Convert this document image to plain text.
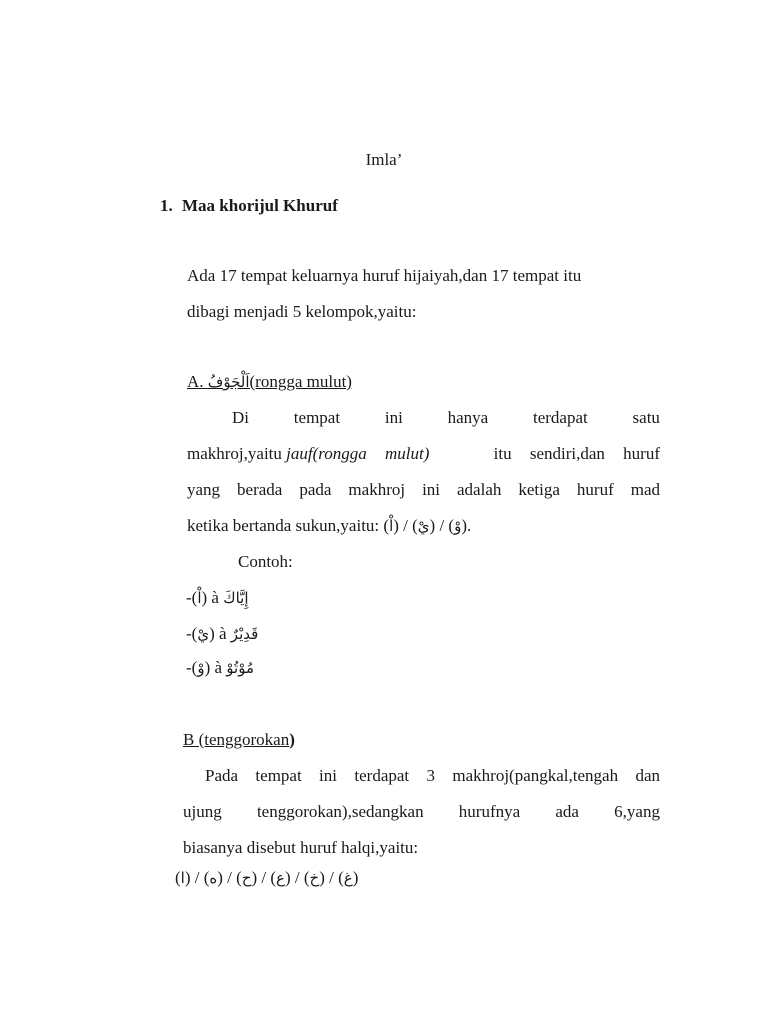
Imla’
1. Maa khorijul Khuruf
Ada 17 tempat keluarnya huruf hijaiyah,dan 17 tempat itu
dibagi menjadi 5 kelompok,yaitu:
A. اَلْجَوْفُ(rongga mulut)
Di	tempat	ini	hanya	terdapat	satu
makhroj,yaitu jauf(rongga mulut)	itu sendiri,dan huruf
yang berada pada makhroj ini adalah ketiga huruf mad
ketika bertanda sukun,yaitu: (اْ) / (يْ) / (وْ).
Contoh:
-(اْ) à إِيَّاكَ
-(يْ) à قَدِيْرٌ
-(وْ) à مُوْتُوْ
B (tenggorokan)
Pada tempat ini terdapat 3 makhroj(pangkal,tengah dan
ujung tenggorokan),sedangkan hurufnya ada 6,yang
biasanya disebut huruf halqi,yaitu:
(ا) / (ه) / (ح) / (ع) / (خ) / (غ)
